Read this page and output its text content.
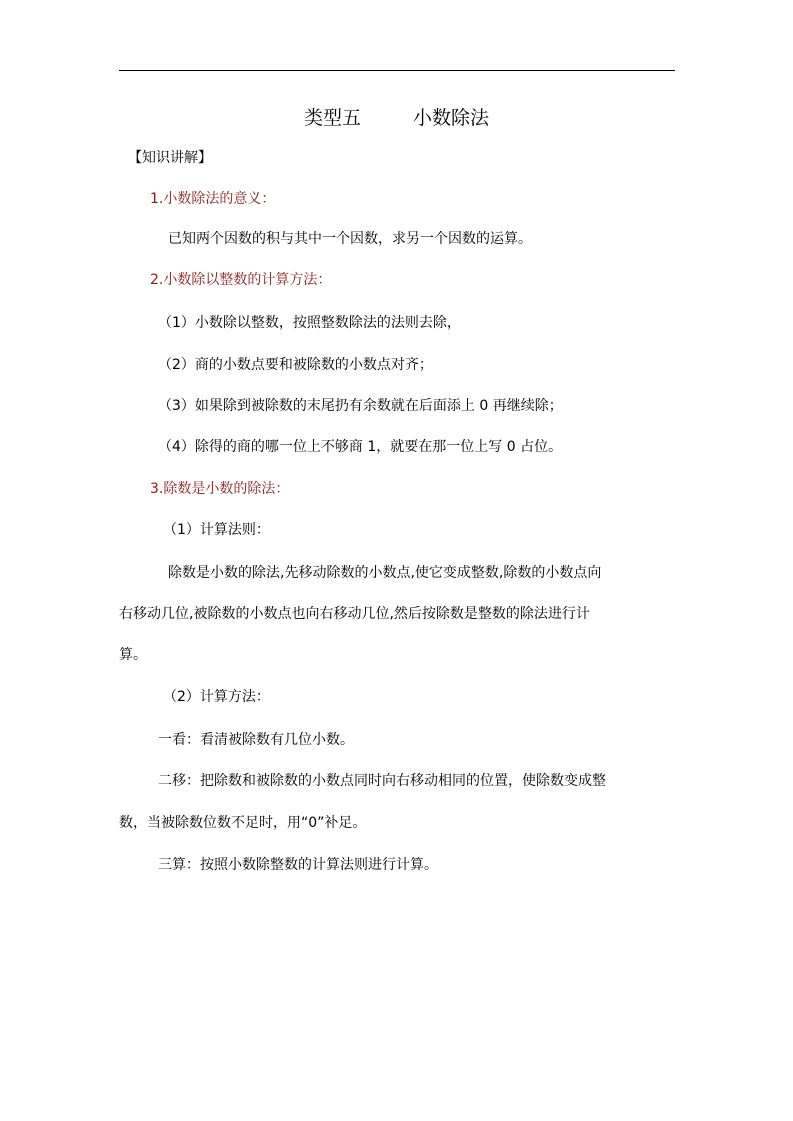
类型五	小数除法
【知识讲解】
1.小数除法的意义：
已知两个因数的积与其中一个因数，求另一个因数的运算。
2.小数除以整数的计算方法：
（1）小数除以整数，按照整数除法的法则去除，
（2）商的小数点要和被除数的小数点对齐；
（3）如果除到被除数的末尾扔有余数就在后面添上 0 再继续除；
（4）除得的商的哪一位上不够商 1，就要在那一位上写 0 占位。
3.除数是小数的除法：
（1）计算法则：
除数是小数的除法,先移动除数的小数点,使它变成整数,除数的小数点向
右移动几位,被除数的小数点也向右移动几位,然后按除数是整数的除法进行计
算。
（2）计算方法：
一看：看清被除数有几位小数。
二移：把除数和被除数的小数点同时向右移动相同的位置，使除数变成整
数，当被除数位数不足时，用“0”补足。
三算：按照小数除整数的计算法则进行计算。
